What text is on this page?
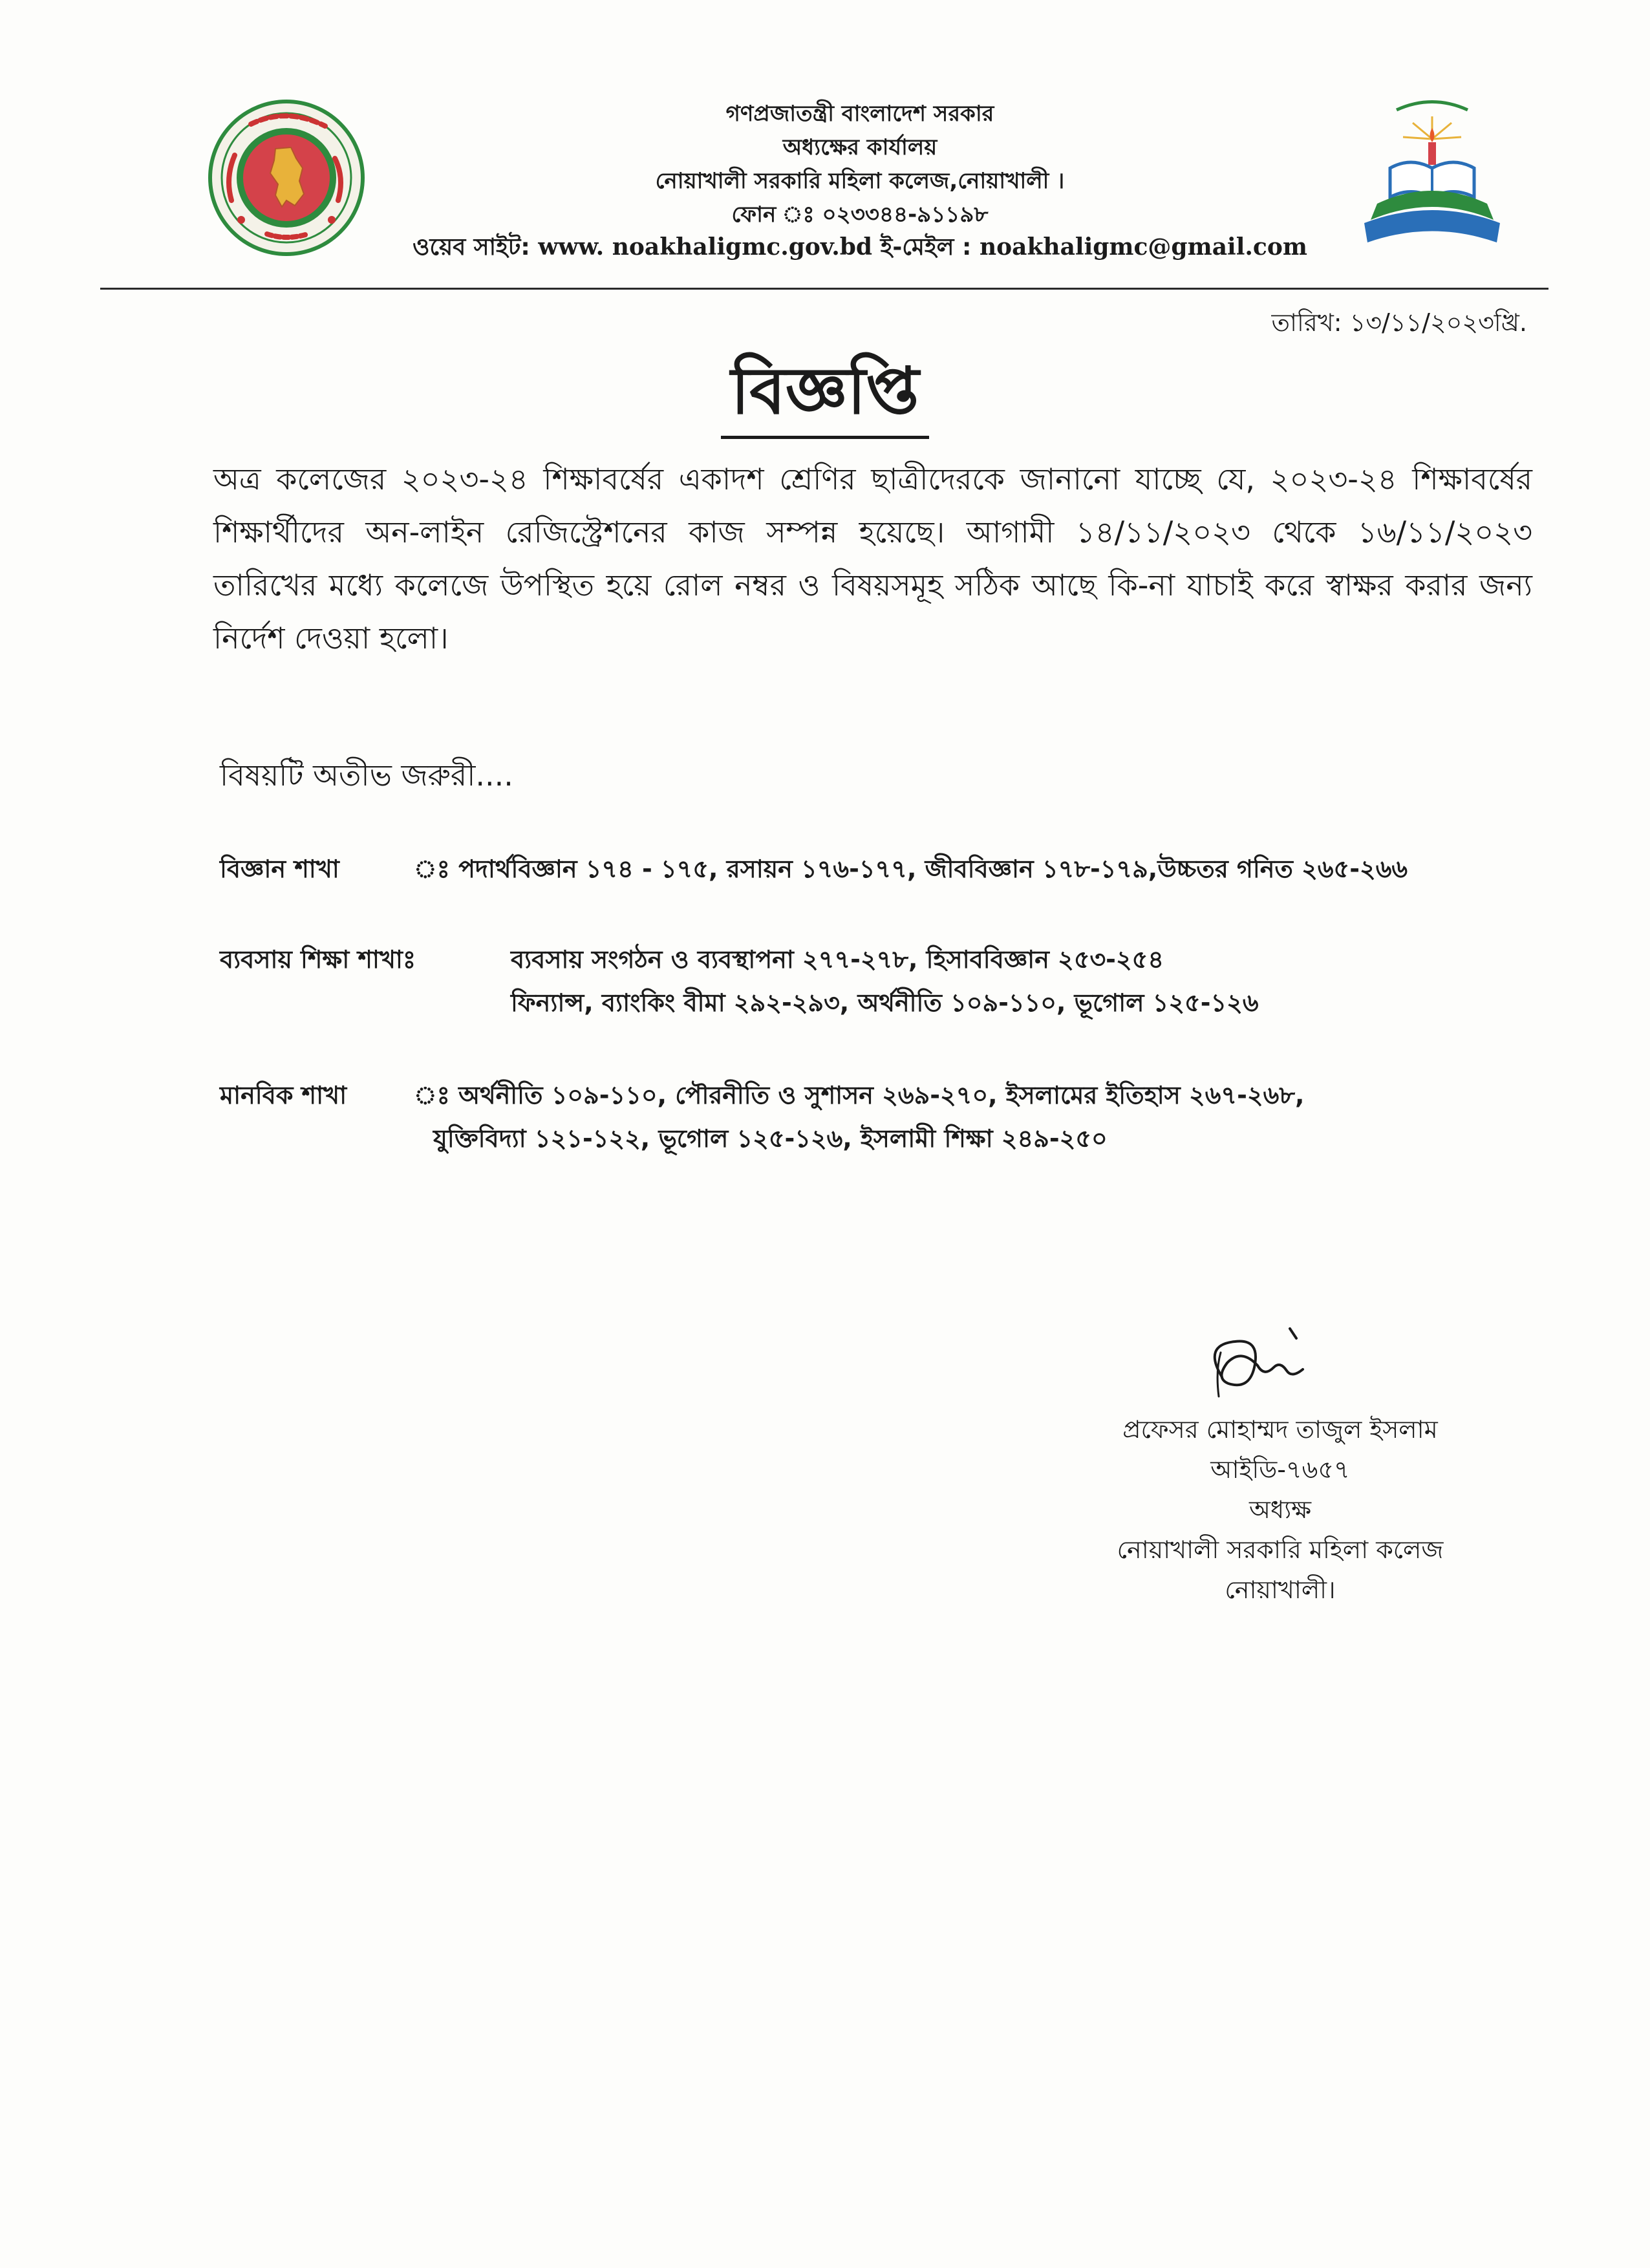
গণপ্রজাতন্ত্রী বাংলাদেশ সরকার
অধ্যক্ষের কার্যালয়
নোয়াখালী সরকারি মহিলা কলেজ,নোয়াখালী ।
ফোন ঃ ০২৩৩৪৪-৯১১৯৮
ওয়েব সাইট: www. noakhaligmc.gov.bd ই-মেইল : noakhaligmc@gmail.com
তারিখ: ১৩/১১/২০২৩খ্রি.
বিজ্ঞপ্তি
অত্র কলেজের ২০২৩-২৪ শিক্ষাবর্ষের একাদশ শ্রেণির ছাত্রীদেরকে জানানো যাচ্ছে যে, ২০২৩-২৪ শিক্ষাবর্ষের শিক্ষার্থীদের অন-লাইন রেজিস্ট্রেশনের কাজ সম্পন্ন হয়েছে। আগামী ১৪/১১/২০২৩ থেকে ১৬/১১/২০২৩ তারিখের মধ্যে কলেজে উপস্থিত হয়ে রোল নম্বর ও বিষয়সমূহ সঠিক আছে কি-না যাচাই করে স্বাক্ষর করার জন্য নির্দেশ দেওয়া হলো।
বিষয়টি অতীভ জরুরী....
বিজ্ঞান শাখা	ঃ পদার্থবিজ্ঞান ১৭৪ - ১৭৫, রসায়ন ১৭৬-১৭৭, জীববিজ্ঞান ১৭৮-১৭৯,উচ্চতর গনিত ২৬৫-২৬৬
ব্যবসায় শিক্ষা শাখাঃ	ব্যবসায় সংগঠন ও ব্যবস্থাপনা ২৭৭-২৭৮, হিসাববিজ্ঞান ২৫৩-২৫৪
ফিন্যান্স, ব্যাংকিং বীমা ২৯২-২৯৩, অর্থনীতি ১০৯-১১০, ভূগোল ১২৫-১২৬
মানবিক শাখা	ঃ অর্থনীতি ১০৯-১১০, পৌরনীতি ও সুশাসন ২৬৯-২৭০, ইসলামের ইতিহাস ২৬৭-২৬৮,
যুক্তিবিদ্যা ১২১-১২২, ভূগোল ১২৫-১২৬, ইসলামী শিক্ষা ২৪৯-২৫০
প্রফেসর মোহাম্মদ তাজুল ইসলাম
আইডি-৭৬৫৭
অধ্যক্ষ
নোয়াখালী সরকারি মহিলা কলেজ
নোয়াখালী।
